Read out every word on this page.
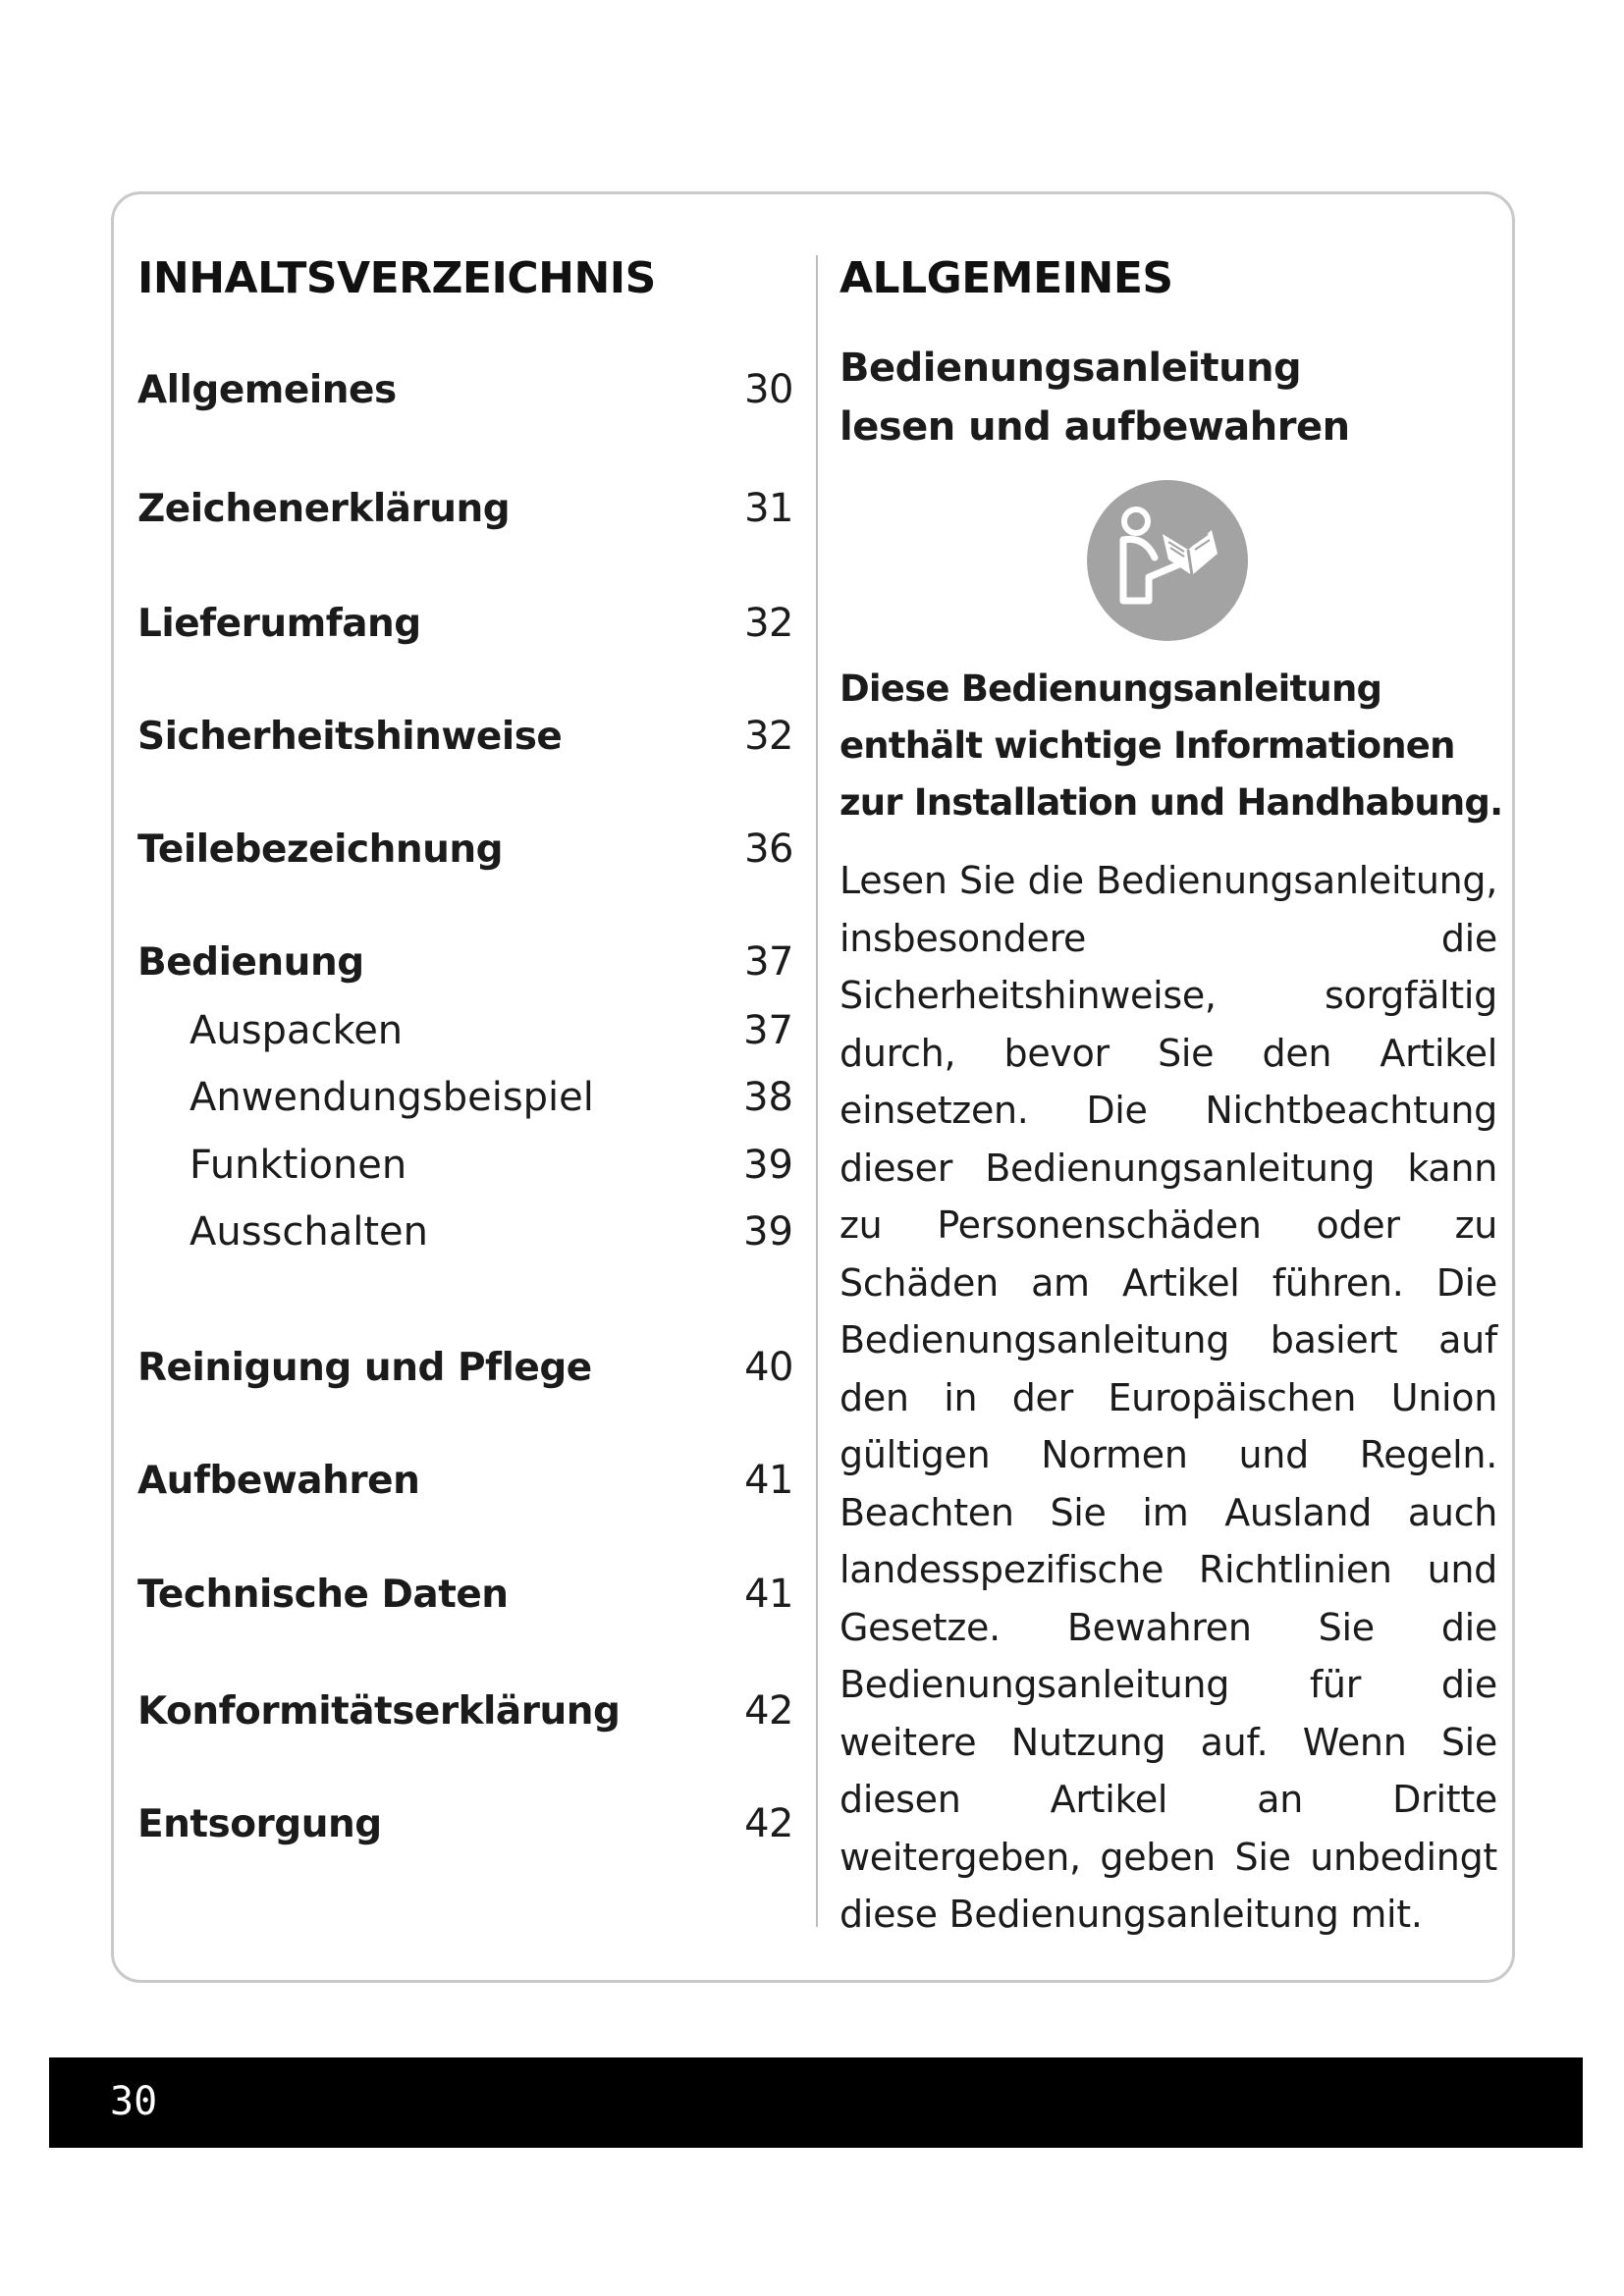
INHALTSVERZEICHNIS
Allgemeines	30
Zeichenerklärung	31
Lieferumfang	32
Sicherheitshinweise	32
Teilebezeichnung	36
Bedienung	37
Auspacken	37
Anwendungsbeispiel	38
Funktionen	39
Ausschalten	39
Reinigung und Pflege	40
Aufbewahren	41
Technische Daten	41
Konformitätserklärung	42
Entsorgung	42
ALLGEMEINES
Bedienungsanleitung
lesen und aufbewahren

Diese Bedienungsanleitung enthält wichtige Informationen zur Installation und Handhabung.

Lesen Sie die Bedienungsanleitung, insbesondere die Sicherheitshinweise, sorgfältig durch, bevor Sie den Artikel einsetzen. Die Nichtbeachtung dieser Bedienungsanleitung kann zu Personenschäden oder zu Schäden am Artikel führen. Die Bedienungsanleitung basiert auf den in der Europäischen Union gültigen Normen und Regeln. Beachten Sie im Ausland auch landesspezifische Richtlinien und Gesetze. Bewahren Sie die Bedienungsanleitung für die weitere Nutzung auf. Wenn Sie diesen Artikel an Dritte weitergeben, geben Sie unbedingt diese Bedienungsanleitung mit.

30
